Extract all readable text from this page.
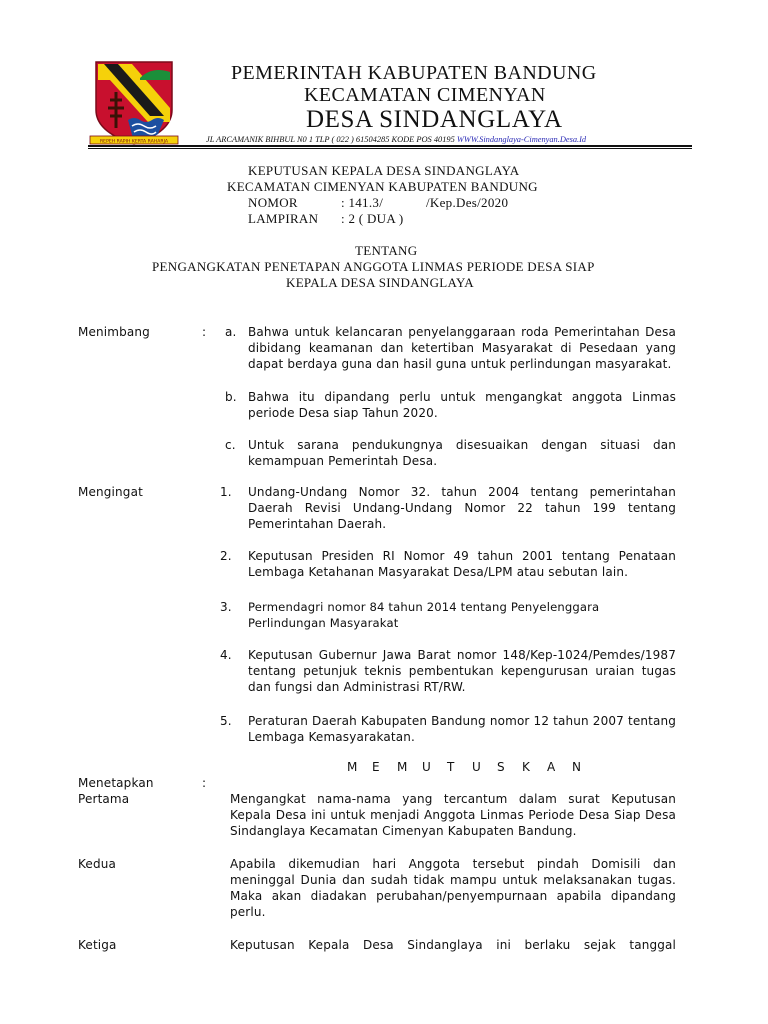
REPEH RAPIH KERTA RAHARJA
PEMERINTAH KABUPATEN BANDUNG
KECAMATAN CIMENYAN
DESA SINDANGLAYA
JL ARCAMANIK BIHBUL N0 1 TLP ( 022 ) 61504285 KODE POS 40195 WWW.Sindanglaya-Cimenyan.Desa.Id
KEPUTUSAN KEPALA DESA SINDANGLAYA
KECAMATAN CIMENYAN KABUPATEN BANDUNG
NOMOR	: 141.3/	/Kep.Des/2020
LAMPIRAN : 2 ( DUA )
TENTANG
PENGANGKATAN PENETAPAN ANGGOTA LINMAS PERIODE DESA SIAP
KEPALA DESA SINDANGLAYA
Menimbang	: a. Bahwa untuk kelancaran penyelanggaraan roda Pemerintahan Desa dibidang keamanan dan ketertiban Masyarakat di Pesedaan yang dapat berdaya guna dan hasil guna untuk perlindungan masyarakat.
b. Bahwa itu dipandang perlu untuk mengangkat anggota Linmas periode Desa siap Tahun 2020.
c. Untuk sarana pendukungnya disesuaikan dengan situasi dan kemampuan Pemerintah Desa.
Mengingat	1. Undang-Undang Nomor 32. tahun 2004 tentang pemerintahan Daerah Revisi Undang-Undang Nomor 22 tahun 199 tentang Pemerintahan Daerah.
2. Keputusan Presiden RI Nomor 49 tahun 2001 tentang Penataan Lembaga Ketahanan Masyarakat Desa/LPM atau sebutan lain.
3. Permendagri nomor 84 tahun 2014 tentang Penyelenggara Perlindungan Masyarakat
4. Keputusan Gubernur Jawa Barat nomor 148/Kep-1024/Pemdes/1987 tentang petunjuk teknis pembentukan kepengurusan uraian tugas dan fungsi dan Administrasi RT/RW.
5. Peraturan Daerah Kabupaten Bandung nomor 12 tahun 2007 tentang Lembaga Kemasyarakatan.
M E M U T U S K A N
Menetapkan	:
Pertama	Mengangkat nama-nama yang tercantum dalam surat Keputusan Kepala Desa ini untuk menjadi Anggota Linmas Periode Desa Siap Desa Sindanglaya Kecamatan Cimenyan Kabupaten Bandung.
Kedua	Apabila dikemudian hari Anggota tersebut pindah Domisili dan meninggal Dunia dan sudah tidak mampu untuk melaksanakan tugas. Maka akan diadakan perubahan/penyempurnaan apabila dipandang perlu.
Ketiga	Keputusan Kepala Desa Sindanglaya ini berlaku sejak tanggal
